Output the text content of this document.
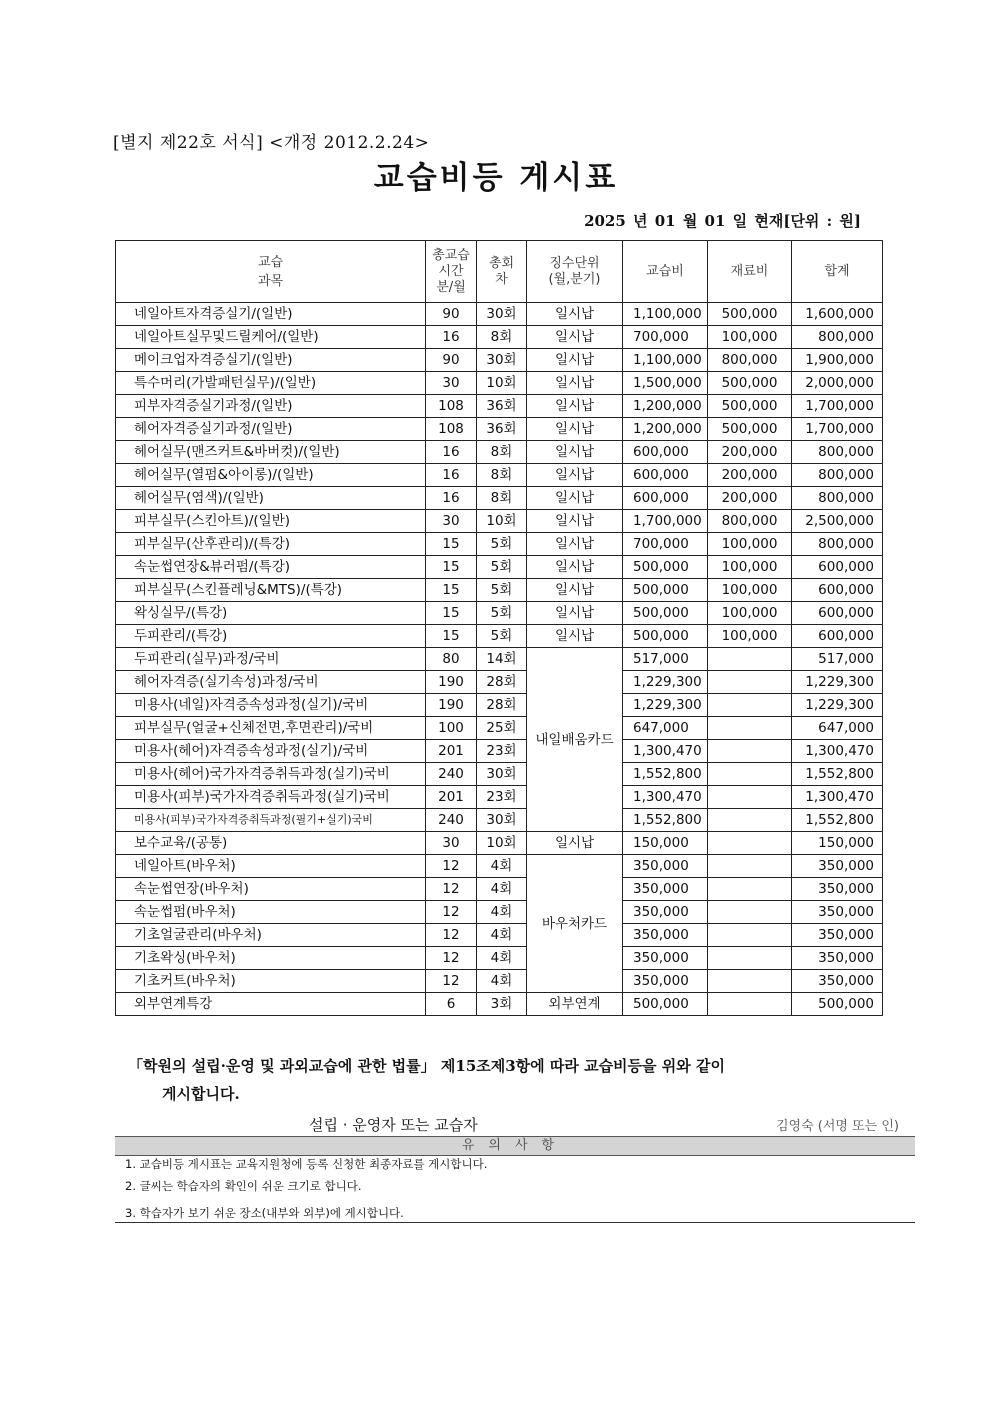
[별지 제22호 서식] <개정 2012.2.24>
교습비등 게시표
2025 년 01 월 01 일 현재[단위 : 원]
교습
과목	총교습
시간
분/월	총회
차	징수단위
(월,분기)	교습비	재료비	합계
네일아트자격증실기/(일반)	90	30회	일시납	1,100,000	500,000	1,600,000
네일아트실무및드릴케어/(일반)	16	8회	일시납	700,000	100,000	800,000
메이크업자격증실기/(일반)	90	30회	일시납	1,100,000	800,000	1,900,000
특수머리(가발패턴실무)/(일반)	30	10회	일시납	1,500,000	500,000	2,000,000
피부자격증실기과정/(일반)	108	36회	일시납	1,200,000	500,000	1,700,000
헤어자격증실기과정/(일반)	108	36회	일시납	1,200,000	500,000	1,700,000
헤어실무(맨즈커트&바버컷)/(일반)	16	8회	일시납	600,000	200,000	800,000
헤어실무(열펌&아이롱)/(일반)	16	8회	일시납	600,000	200,000	800,000
헤어실무(염색)/(일반)	16	8회	일시납	600,000	200,000	800,000
피부실무(스킨아트)/(일반)	30	10회	일시납	1,700,000	800,000	2,500,000
피부실무(산후관리)/(특강)	15	5회	일시납	700,000	100,000	800,000
속눈썹연장&뷰러펌/(특강)	15	5회	일시납	500,000	100,000	600,000
피부실무(스킨플레닝&MTS)/(특강)	15	5회	일시납	500,000	100,000	600,000
왁싱실무/(특강)	15	5회	일시납	500,000	100,000	600,000
두피관리/(특강)	15	5회	일시납	500,000	100,000	600,000
두피관리(실무)과정/국비	80	14회	내일배움카드	517,000		517,000
헤어자격증(실기속성)과정/국비	190	28회		1,229,300		1,229,300
미용사(네일)자격증속성과정(실기)/국비	190	28회		1,229,300		1,229,300
피부실무(얼굴+신체전면,후면관리)/국비	100	25회		647,000		647,000
미용사(헤어)자격증속성과정(실기)/국비	201	23회		1,300,470		1,300,470
미용사(헤어)국가자격증취득과정(실기)국비	240	30회		1,552,800		1,552,800
미용사(피부)국가자격증취득과정(실기)국비	201	23회		1,300,470		1,300,470
미용사(피부)국가자격증취득과정(필기+실기)국비	240	30회		1,552,800		1,552,800
보수교육/(공통)	30	10회	일시납	150,000		150,000
네일아트(바우처)	12	4회	바우처카드	350,000		350,000
속눈썹연장(바우처)	12	4회		350,000		350,000
속눈썹펌(바우처)	12	4회		350,000		350,000
기초얼굴관리(바우처)	12	4회		350,000		350,000
기초왁싱(바우처)	12	4회		350,000		350,000
기초커트(바우처)	12	4회		350,000		350,000
외부연계특강	6	3회	외부연계	500,000		500,000
「학원의 설립·운영 및 과외교습에 관한 법률」 제15조제3항에 따라 교습비등을 위와 같이
게시합니다.
설립 · 운영자 또는 교습자	김영숙 (서명 또는 인)
유의사항
1. 교습비등 게시표는 교육지원청에 등록 신청한 최종자료를 게시합니다.
2. 글씨는 학습자의 확인이 쉬운 크기로 합니다.
3. 학습자가 보기 쉬운 장소(내부와 외부)에 게시합니다.
